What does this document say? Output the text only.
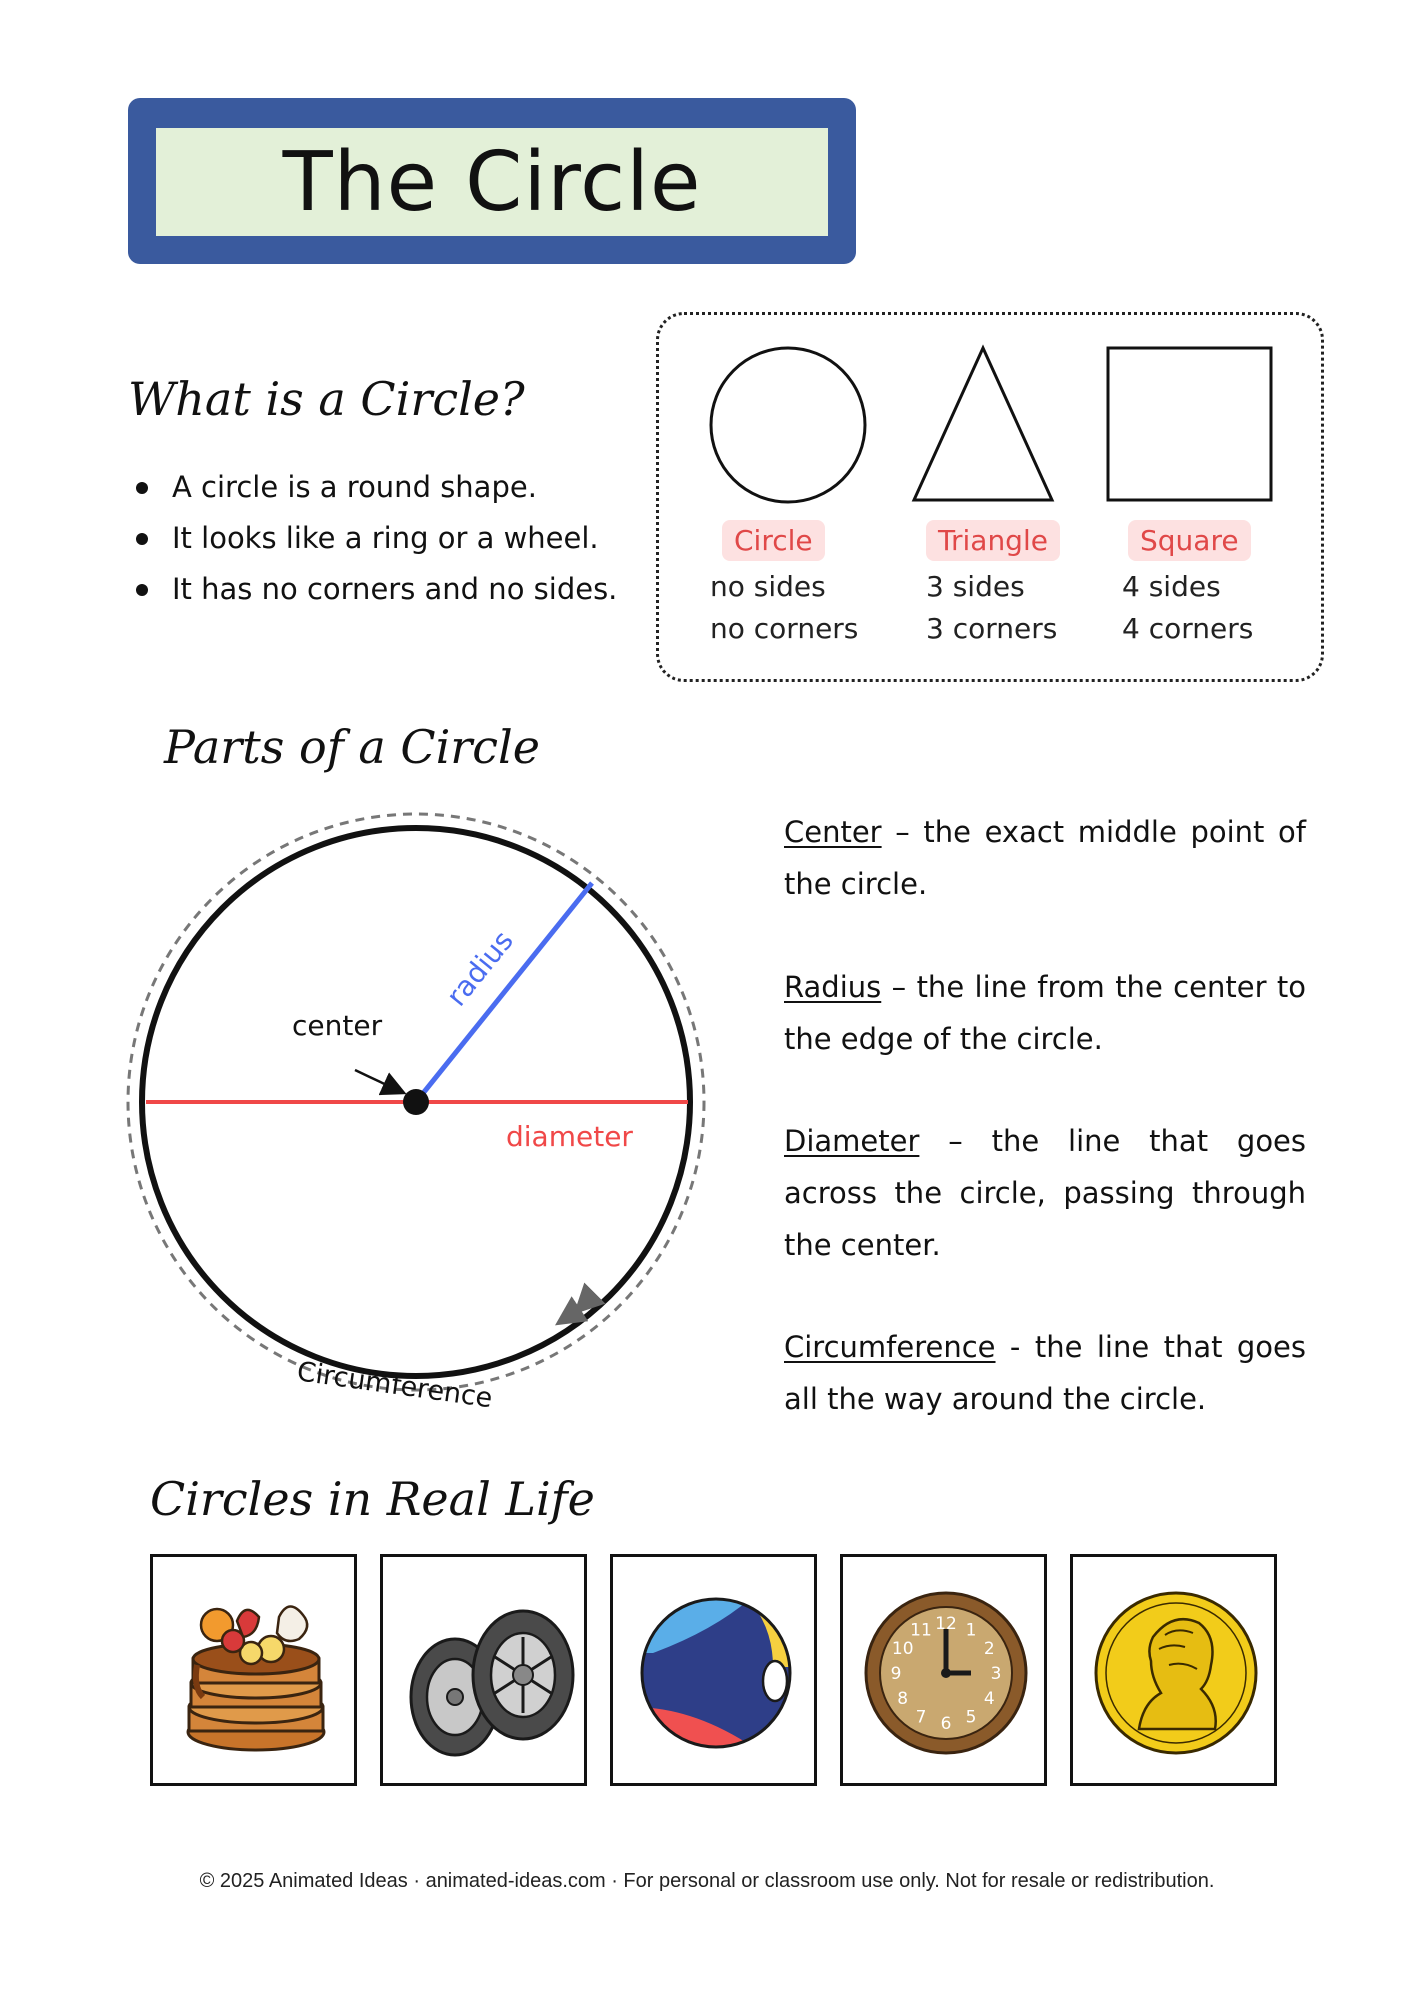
The Circle
What is a Circle?
A circle is a round shape.
It looks like a ring or a wheel.
It has no corners and no sides.
Circle
no sides
no corners
Triangle
3 sides
3 corners
Square
4 sides
4 corners
Parts of a Circle
radius
center
diameter
Circumference
Center – the exact middle point of the circle.
Radius – the line from the center to the edge of the circle.
Diameter – the line that goes across the circle, passing through the center.
Circumference - the line that goes all the way around the circle.
Circles in Real Life
12 1
2
3
4
5
6
7
8
9
10
11
© 2025 Animated Ideas · animated-ideas.com · For personal or classroom use only. Not for resale or redistribution.
